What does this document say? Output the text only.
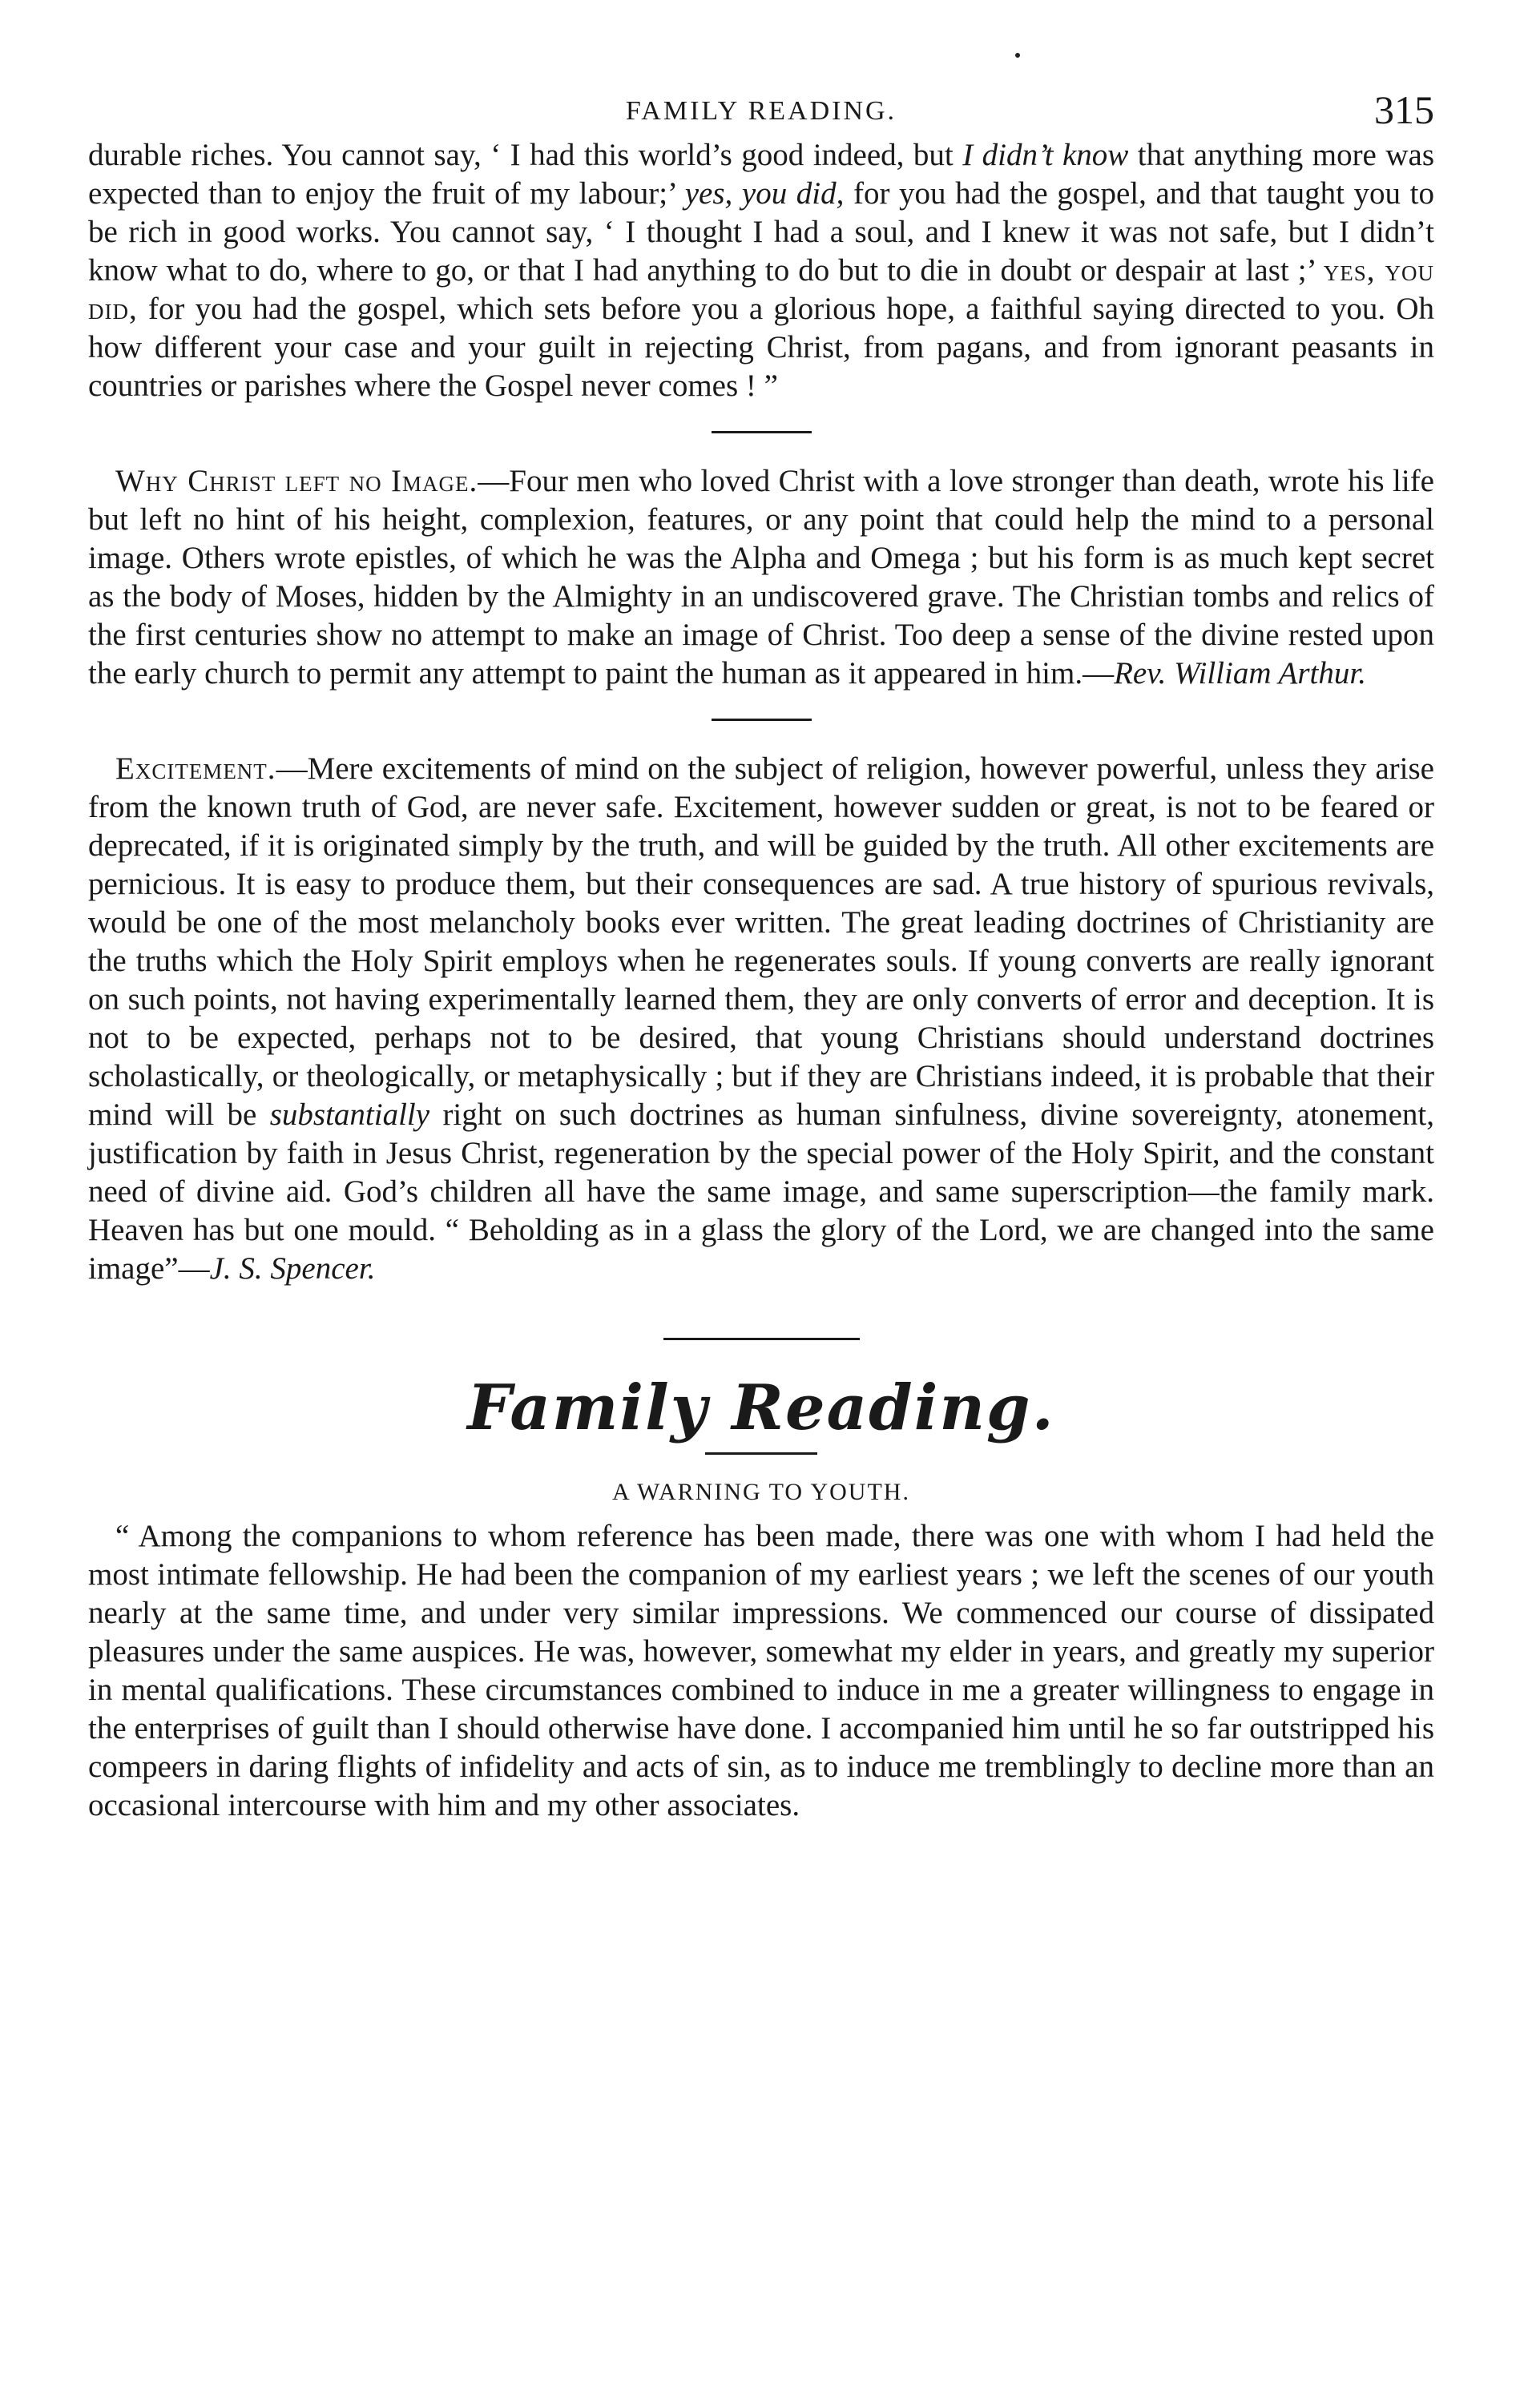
FAMILY READING.	315

durable riches. You cannot say, ‘ I had this world’s good indeed, but I didn’t know that anything more was expected than to enjoy the fruit of my labour;’ yes, you did, for you had the gospel, and that taught you to be rich in good works. You cannot say, ‘ I thought I had a soul, and I knew it was not safe, but I didn’t know what to do, where to go, or that I had anything to do but to die in doubt or despair at last ;’ yes, you did, for you had the gospel, which sets before you a glorious hope, a faithful saying directed to you. Oh how different your case and your guilt in rejecting Christ, from pagans, and from ignorant peasants in countries or parishes where the Gospel never comes ! ”

Why Christ left no Image.—Four men who loved Christ with a love stronger than death, wrote his life but left no hint of his height, complexion, features, or any point that could help the mind to a personal image. Others wrote epistles, of which he was the Alpha and Omega ; but his form is as much kept secret as the body of Moses, hidden by the Almighty in an undiscovered grave. The Christian tombs and relics of the first centuries show no attempt to make an image of Christ. Too deep a sense of the divine rested upon the early church to permit any attempt to paint the human as it appeared in him.—Rev. William Arthur.

Excitement.—Mere excitements of mind on the subject of religion, however powerful, unless they arise from the known truth of God, are never safe. Excitement, however sudden or great, is not to be feared or deprecated, if it is originated simply by the truth, and will be guided by the truth. All other excitements are pernicious. It is easy to produce them, but their consequences are sad. A true history of spurious revivals, would be one of the most melancholy books ever written. The great leading doctrines of Christianity are the truths which the Holy Spirit employs when he regenerates souls. If young converts are really ignorant on such points, not having experimentally learned them, they are only converts of error and deception. It is not to be expected, perhaps not to be desired, that young Christians should understand doctrines scholastically, or theologically, or metaphysically ; but if they are Christians indeed, it is probable that their mind will be substantially right on such doctrines as human sinfulness, divine sovereignty, atonement, justification by faith in Jesus Christ, regeneration by the special power of the Holy Spirit, and the constant need of divine aid. God’s children all have the same image, and same superscription—the family mark. Heaven has but one mould. “ Beholding as in a glass the glory of the Lord, we are changed into the same image”—J. S. Spencer.

Family Reading.
A WARNING TO YOUTH.

“ Among the companions to whom reference has been made, there was one with whom I had held the most intimate fellowship. He had been the companion of my earliest years ; we left the scenes of our youth nearly at the same time, and under very similar impressions. We commenced our course of dissipated pleasures under the same auspices. He was, however, somewhat my elder in years, and greatly my superior in mental qualifications. These circumstances combined to induce in me a greater willingness to engage in the enterprises of guilt than I should otherwise have done. I accompanied him until he so far outstripped his compeers in daring flights of infidelity and acts of sin, as to induce me tremblingly to decline more than an occasional intercourse with him and my other associates.
